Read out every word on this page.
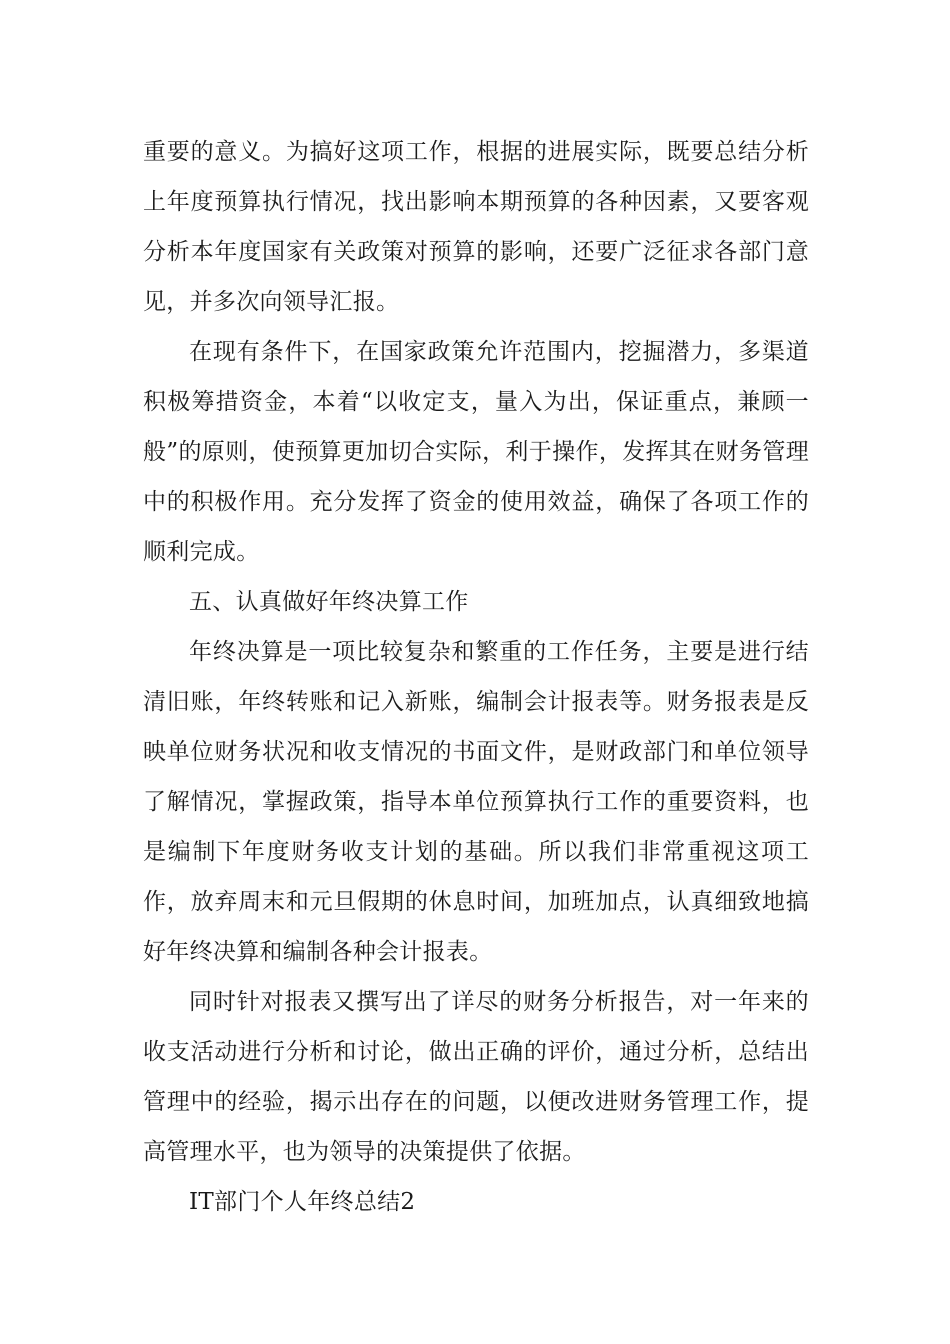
重要的意义。为搞好这项工作，根据的进展实际，既要总结分析上年度预算执行情况，找出影响本期预算的各种因素，又要客观分析本年度国家有关政策对预算的影响，还要广泛征求各部门意见，并多次向领导汇报。

在现有条件下，在国家政策允许范围内，挖掘潜力，多渠道积极筹措资金，本着“以收定支，量入为出，保证重点，兼顾一般”的原则，使预算更加切合实际，利于操作，发挥其在财务管理中的积极作用。充分发挥了资金的使用效益，确保了各项工作的顺利完成。

五、认真做好年终决算工作

年终决算是一项比较复杂和繁重的工作任务，主要是进行结清旧账，年终转账和记入新账，编制会计报表等。财务报表是反映单位财务状况和收支情况的书面文件，是财政部门和单位领导了解情况，掌握政策，指导本单位预算执行工作的重要资料，也是编制下年度财务收支计划的基础。所以我们非常重视这项工作，放弃周末和元旦假期的休息时间，加班加点，认真细致地搞好年终决算和编制各种会计报表。

同时针对报表又撰写出了详尽的财务分析报告，对一年来的收支活动进行分析和讨论，做出正确的评价，通过分析，总结出管理中的经验，揭示出存在的问题，以便改进财务管理工作，提高管理水平，也为领导的决策提供了依据。

IT部门个人年终总结2
